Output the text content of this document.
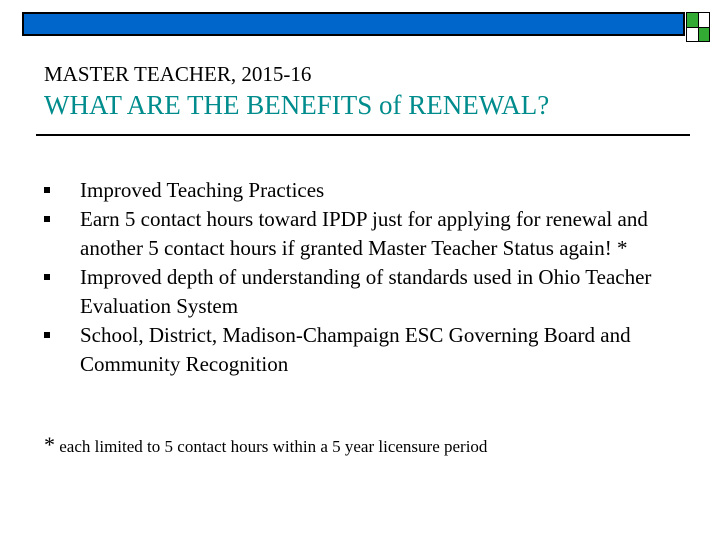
MASTER TEACHER, 2015-16
WHAT ARE THE BENEFITS of RENEWAL?
Improved Teaching Practices
Earn 5 contact hours toward IPDP just for applying for renewal and another 5 contact hours if granted Master Teacher Status again! *
Improved depth of understanding of standards used in Ohio Teacher Evaluation System
School, District, Madison-Champaign ESC Governing Board and Community Recognition
* each limited to 5 contact hours within a 5 year licensure period
